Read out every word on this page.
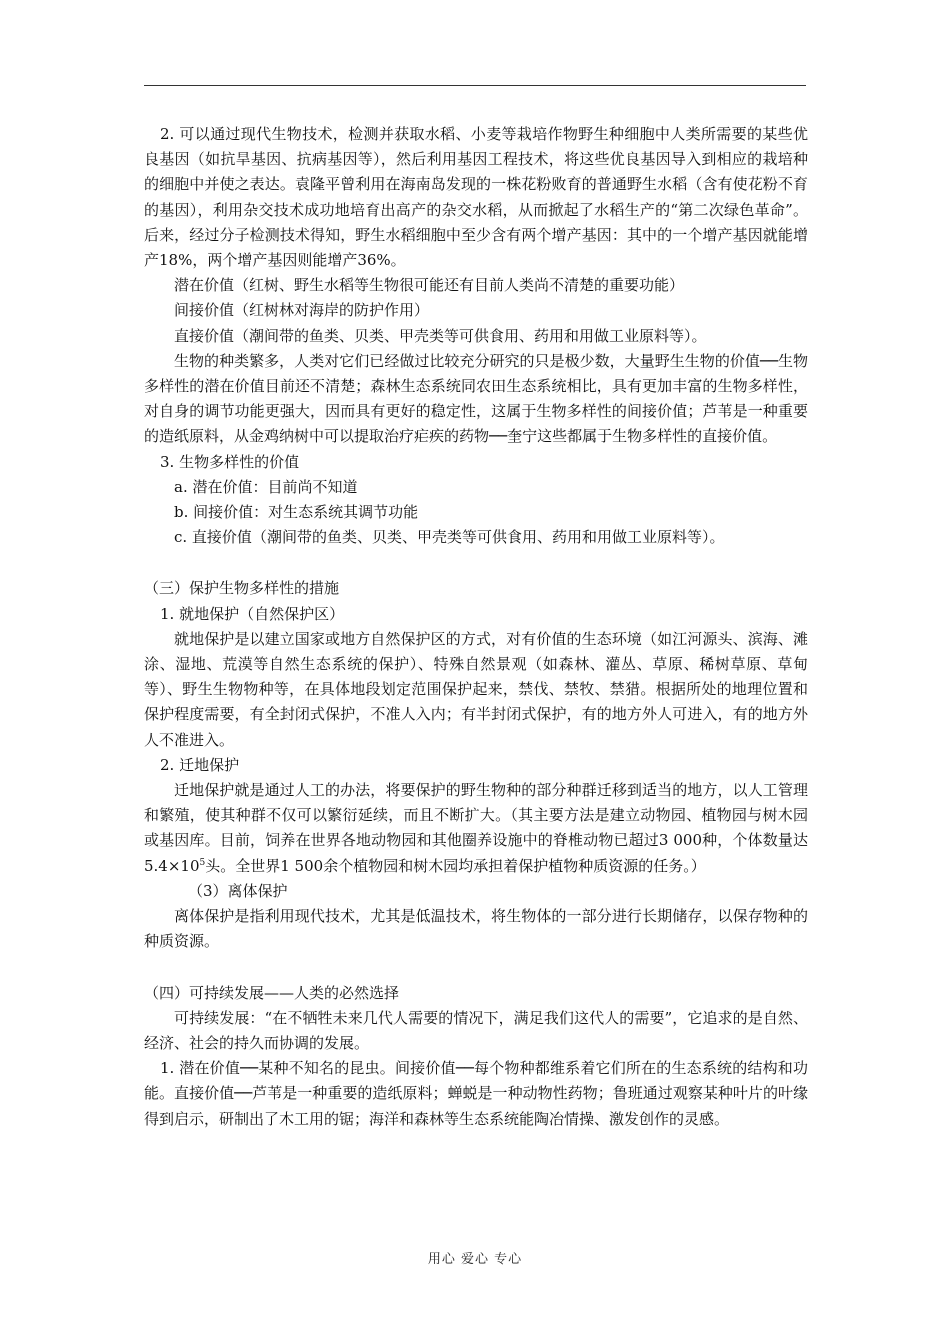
2. 可以通过现代生物技术，检测并获取水稻、小麦等栽培作物野生种细胞中人类所需要的某些优良基因（如抗旱基因、抗病基因等），然后利用基因工程技术，将这些优良基因导入到相应的栽培种的细胞中并使之表达。袁隆平曾利用在海南岛发现的一株花粉败育的普通野生水稻（含有使花粉不育的基因），利用杂交技术成功地培育出高产的杂交水稻，从而掀起了水稻生产的“第二次绿色革命”。后来，经过分子检测技术得知，野生水稻细胞中至少含有两个增产基因：其中的一个增产基因就能增产18%，两个增产基因则能增产36%。

潜在价值（红树、野生水稻等生物很可能还有目前人类尚不清楚的重要功能）

间接价值（红树林对海岸的防护作用）

直接价值（潮间带的鱼类、贝类、甲壳类等可供食用、药用和用做工业原料等）。

生物的种类繁多，人类对它们已经做过比较充分研究的只是极少数，大量野生生物的价值──生物多样性的潜在价值目前还不清楚；森林生态系统同农田生态系统相比，具有更加丰富的生物多样性，对自身的调节功能更强大，因而具有更好的稳定性，这属于生物多样性的间接价值；芦苇是一种重要的造纸原料，从金鸡纳树中可以提取治疗疟疾的药物──奎宁这些都属于生物多样性的直接价值。

3. 生物多样性的价值

a. 潜在价值：目前尚不知道

b. 间接价值：对生态系统其调节功能

c. 直接价值（潮间带的鱼类、贝类、甲壳类等可供食用、药用和用做工业原料等）。

（三）保护生物多样性的措施

1. 就地保护（自然保护区）

就地保护是以建立国家或地方自然保护区的方式，对有价值的生态环境（如江河源头、滨海、滩涂、湿地、荒漠等自然生态系统的保护）、特殊自然景观（如森林、灌丛、草原、稀树草原、草甸等）、野生生物物种等，在具体地段划定范围保护起来，禁伐、禁牧、禁猎。根据所处的地理位置和保护程度需要，有全封闭式保护，不准人入内；有半封闭式保护，有的地方外人可进入，有的地方外人不准进入。

2. 迁地保护

迁地保护就是通过人工的办法，将要保护的野生物种的部分种群迁移到适当的地方，以人工管理和繁殖，使其种群不仅可以繁衍延续，而且不断扩大。（其主要方法是建立动物园、植物园与树木园或基因库。目前，饲养在世界各地动物园和其他圈养设施中的脊椎动物已超过3 000种，个体数量达$5.4\times 10^5$头。全世界1 500余个植物园和树木园均承担着保护植物种质资源的任务。）

（3）离体保护

离体保护是指利用现代技术，尤其是低温技术，将生物体的一部分进行长期储存，以保存物种的种质资源。

（四）可持续发展——人类的必然选择

可持续发展：“在不牺牲未来几代人需要的情况下，满足我们这代人的需要”，它追求的是自然、经济、社会的持久而协调的发展。

1. 潜在价值──某种不知名的昆虫。间接价值──每个物种都维系着它们所在的生态系统的结构和功能。直接价值──芦苇是一种重要的造纸原料；蝉蜕是一种动物性药物；鲁班通过观察某种叶片的叶缘得到启示，研制出了木工用的锯；海洋和森林等生态系统能陶冶情操、激发创作的灵感。

用心 爱心 专心
